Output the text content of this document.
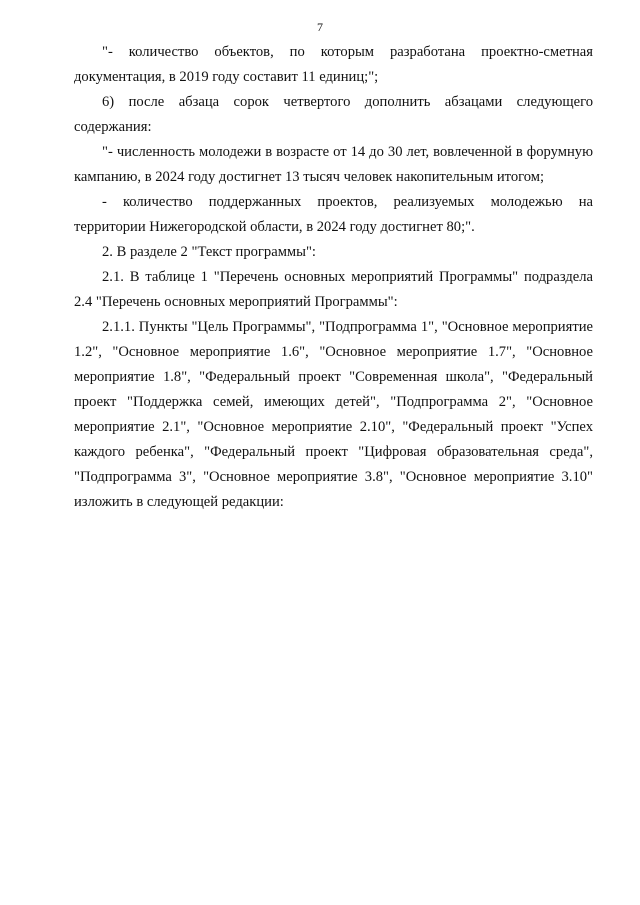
7

"- количество объектов, по которым разработана проектно-сметная документация, в 2019 году составит 11 единиц;";

6) после абзаца сорок четвертого дополнить абзацами следующего содержания:

"- численность молодежи в возрасте от 14 до 30 лет, вовлеченной в форумную кампанию, в 2024 году достигнет 13 тысяч человек накопительным итогом;

- количество поддержанных проектов, реализуемых молодежью на территории Нижегородской области, в 2024 году достигнет 80;".

2. В разделе 2 "Текст программы":

2.1. В таблице 1 "Перечень основных мероприятий Программы" подраздела 2.4 "Перечень основных мероприятий Программы":

2.1.1. Пункты "Цель Программы", "Подпрограмма 1", "Основное мероприятие 1.2", "Основное мероприятие 1.6", "Основное мероприятие 1.7", "Основное мероприятие 1.8", "Федеральный проект "Современная школа", "Федеральный проект "Поддержка семей, имеющих детей", "Подпрограмма 2", "Основное мероприятие 2.1", "Основное мероприятие 2.10", "Федеральный проект "Успех каждого ребенка", "Федеральный проект "Цифровая образовательная среда", "Подпрограмма 3", "Основное мероприятие 3.8", "Основное мероприятие 3.10" изложить в следующей редакции:
